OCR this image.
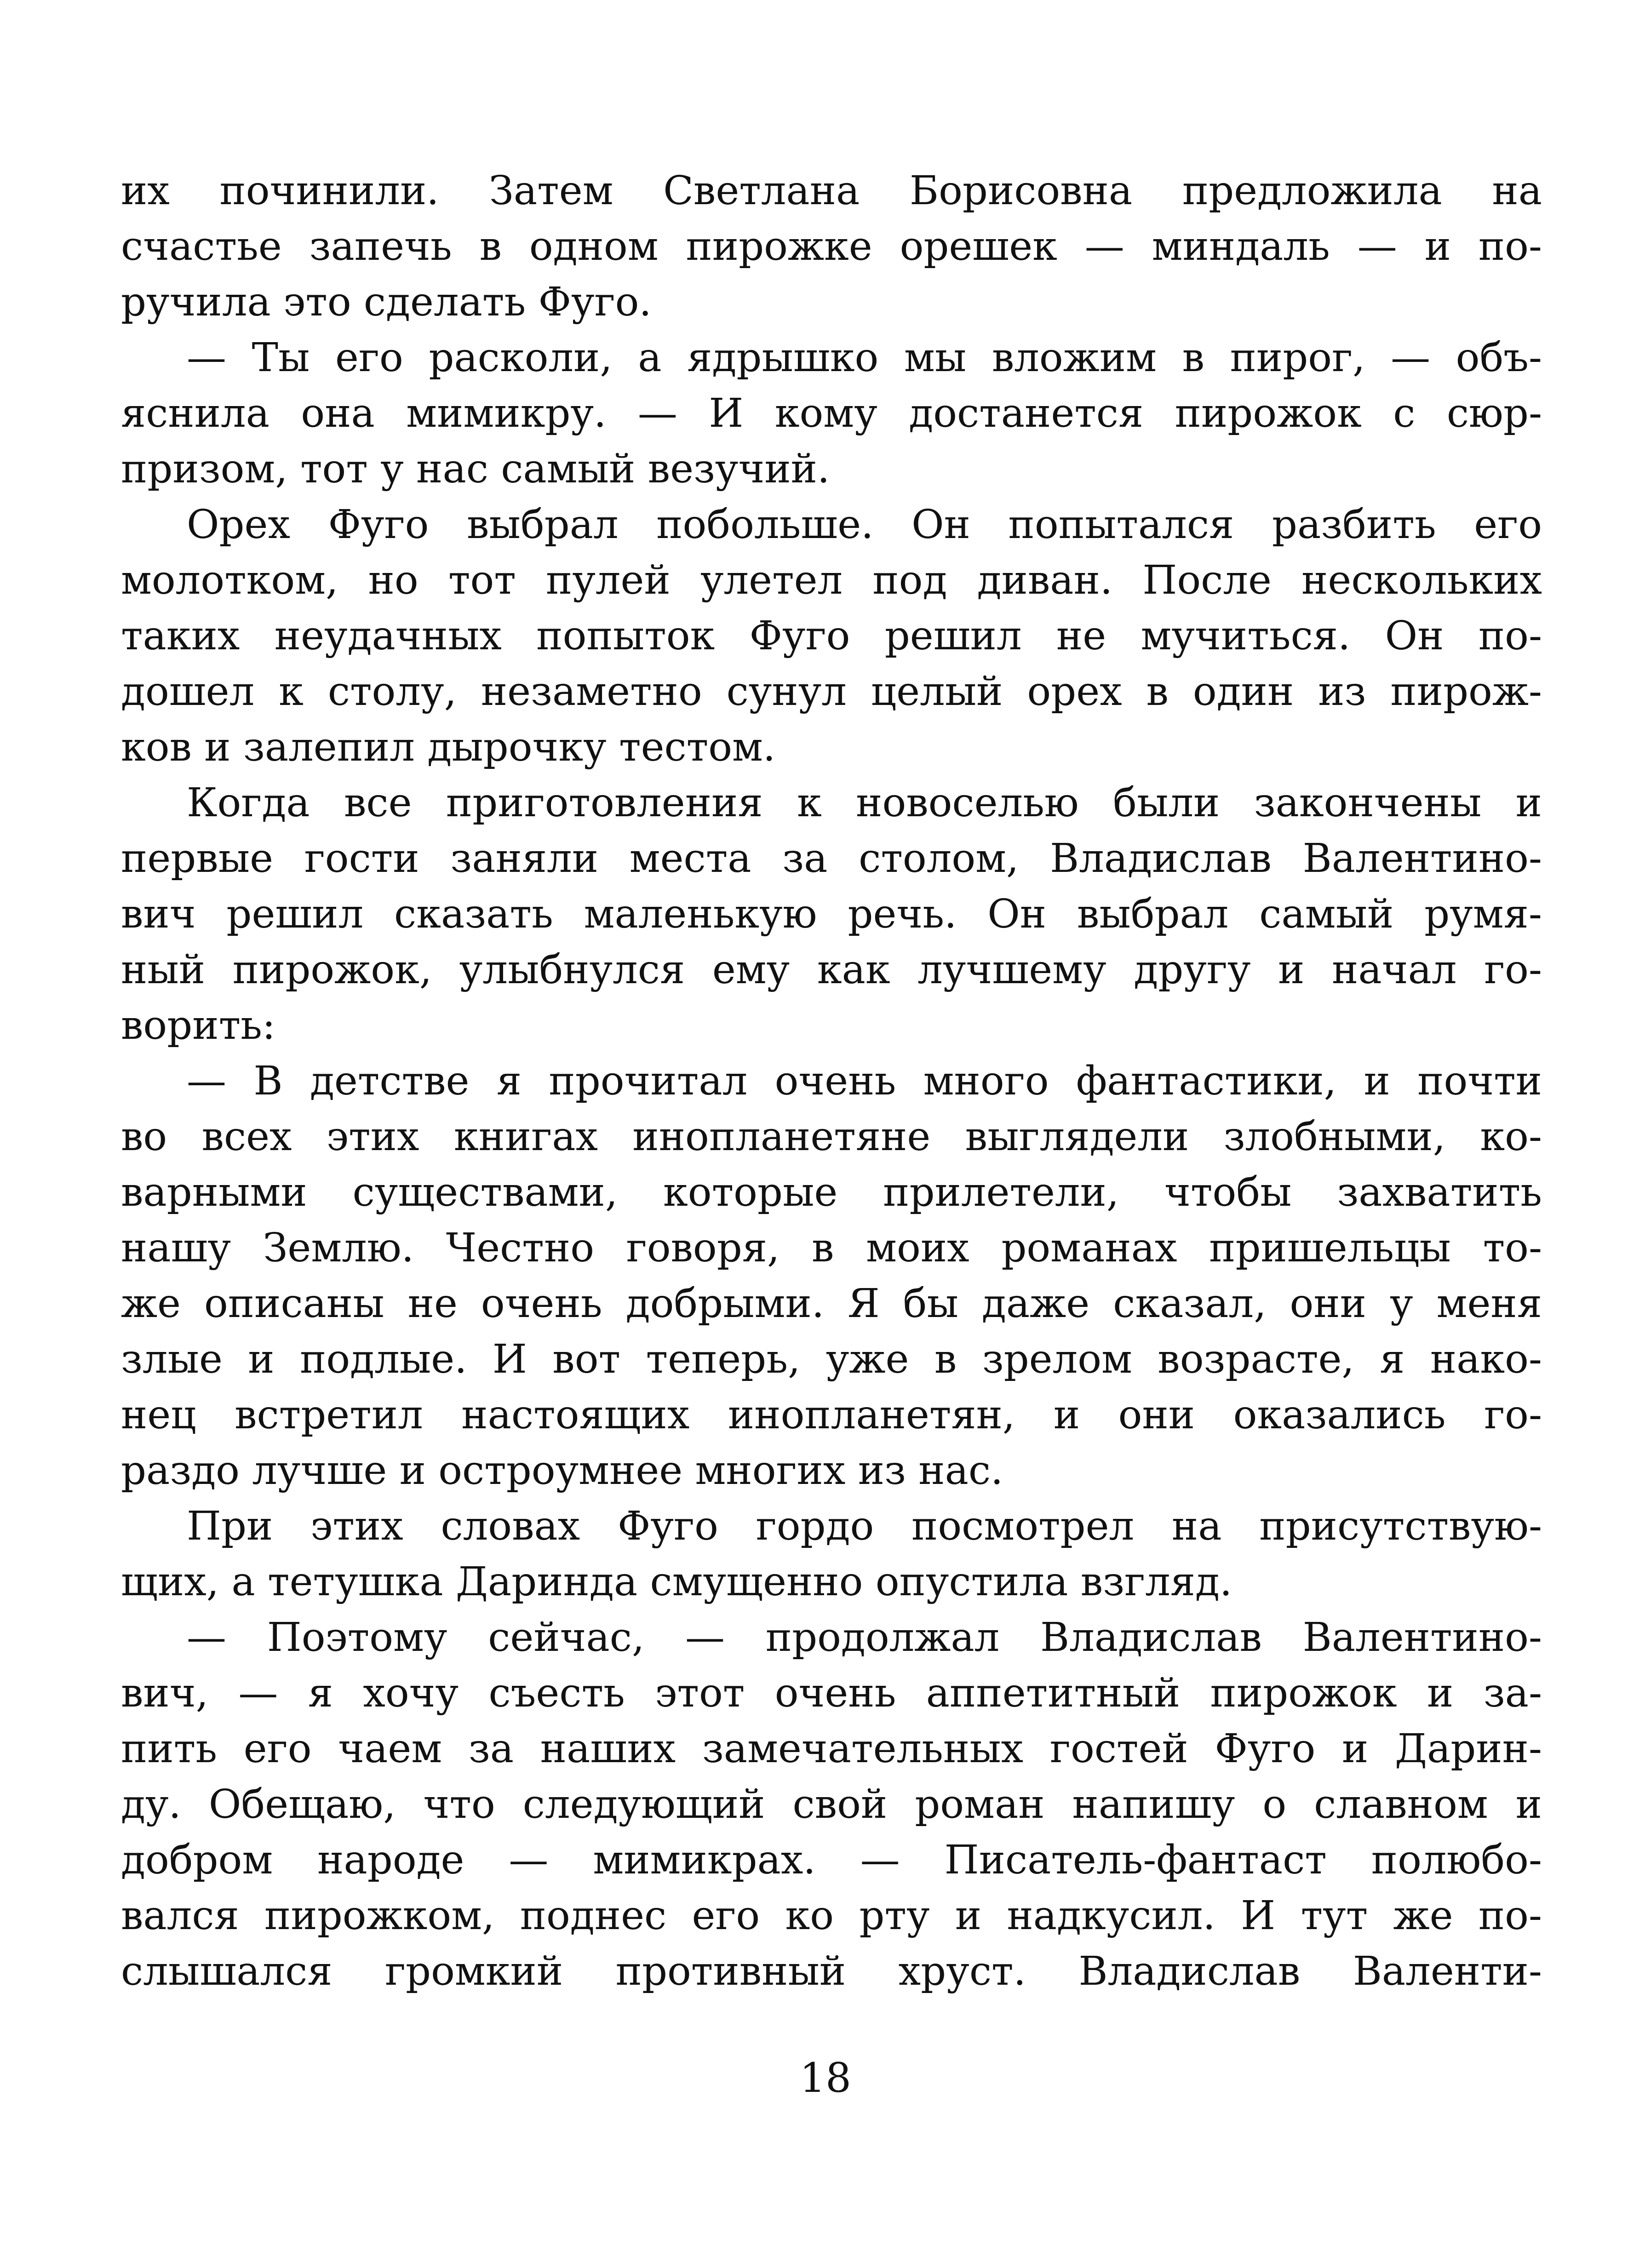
их починили. Затем Светлана Борисовна предложила на
счастье запечь в одном пирожке орешек — миндаль — и по-
ручила это сделать Фуго.
— Ты его расколи, а ядрышко мы вложим в пирог, — объ-
яснила она мимикру. — И кому достанется пирожок с сюр-
призом, тот у нас самый везучий.
Орех Фуго выбрал побольше. Он попытался разбить его
молотком, но тот пулей улетел под диван. После нескольких
таких неудачных попыток Фуго решил не мучиться. Он по-
дошел к столу, незаметно сунул целый орех в один из пирож-
ков и залепил дырочку тестом.
Когда все приготовления к новоселью были закончены и
первые гости заняли места за столом, Владислав Валентино-
вич решил сказать маленькую речь. Он выбрал самый румя-
ный пирожок, улыбнулся ему как лучшему другу и начал го-
ворить:
— В детстве я прочитал очень много фантастики, и почти
во всех этих книгах инопланетяне выглядели злобными, ко-
варными существами, которые прилетели, чтобы захватить
нашу Землю. Честно говоря, в моих романах пришельцы то-
же описаны не очень добрыми. Я бы даже сказал, они у меня
злые и подлые. И вот теперь, уже в зрелом возрасте, я нако-
нец встретил настоящих инопланетян, и они оказались го-
раздо лучше и остроумнее многих из нас.
При этих словах Фуго гордо посмотрел на присутствую-
щих, а тетушка Даринда смущенно опустила взгляд.
— Поэтому сейчас, — продолжал Владислав Валентино-
вич, — я хочу съесть этот очень аппетитный пирожок и за-
пить его чаем за наших замечательных гостей Фуго и Дарин-
ду. Обещаю, что следующий свой роман напишу о славном и
добром народе — мимикрах. — Писатель-фантаст полюбо-
вался пирожком, поднес его ко рту и надкусил. И тут же по-
слышался громкий противный хруст. Владислав Валенти-
18
